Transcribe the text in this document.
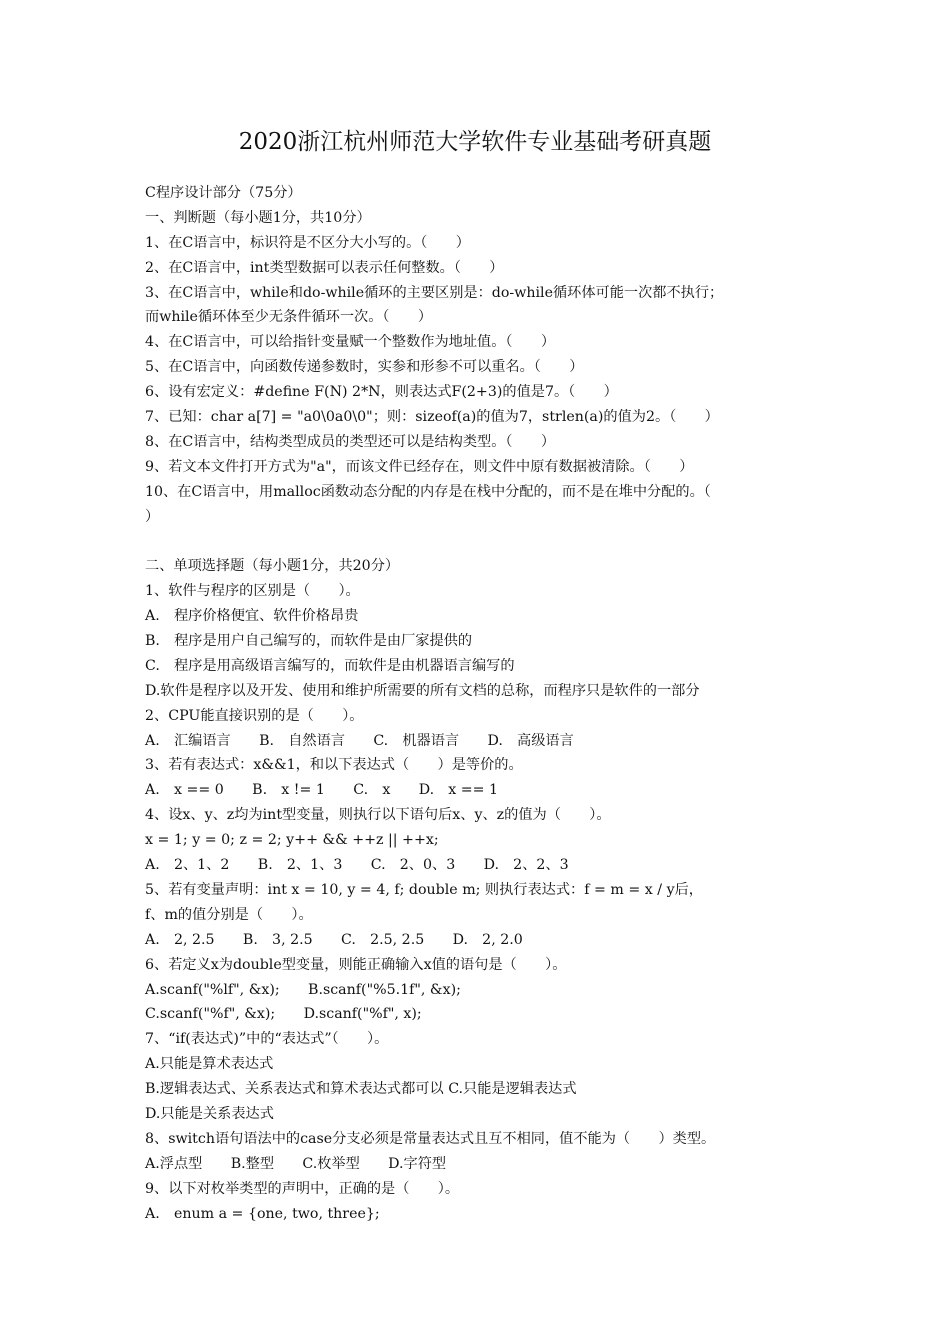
2020浙江杭州师范大学软件专业基础考研真题
C程序设计部分（75分）
一、判断题（每小题1分，共10分）
1、在C语言中，标识符是不区分大小写的。（　　）
2、在C语言中，int类型数据可以表示任何整数。（　　）
3、在C语言中，while和do-while循环的主要区别是：do-while循环体可能一次都不执行；
而while循环体至少无条件循环一次。（　　）
4、在C语言中，可以给指针变量赋一个整数作为地址值。（　　）
5、在C语言中，向函数传递参数时，实参和形参不可以重名。（　　）
6、设有宏定义：#define F(N) 2*N，则表达式F(2+3)的值是7。（　　）
7、已知：char a[7] = "a0\0a0\0"；则：sizeof(a)的值为7，strlen(a)的值为2。（　　）
8、在C语言中，结构类型成员的类型还可以是结构类型。（　　）
9、若文本文件打开方式为"a"，而该文件已经存在，则文件中原有数据被清除。（　　）
10、在C语言中，用malloc函数动态分配的内存是在栈中分配的，而不是在堆中分配的。（
）
二、单项选择题（每小题1分，共20分）
1、软件与程序的区别是（　　）。
A.　程序价格便宜、软件价格昂贵
B.　程序是用户自己编写的，而软件是由厂家提供的
C.　程序是用高级语言编写的，而软件是由机器语言编写的
D.软件是程序以及开发、使用和维护所需要的所有文档的总称，而程序只是软件的一部分
2、CPU能直接识别的是（　　）。
A.　汇编语言　　B.　自然语言　　C.　机器语言　　D.　高级语言
3、若有表达式：x&&1，和以下表达式（　　）是等价的。
A.　x == 0　　B.　x != 1　　C.　x　　D.　x == 1
4、设x、y、z均为int型变量，则执行以下语句后x、y、z的值为（　　）。
x = 1; y = 0; z = 2; y++ && ++z || ++x;
A.　2、1、2　　B.　2、1、3　　C.　2、0、3　　D.　2、2、3
5、若有变量声明：int x = 10, y = 4, f; double m; 则执行表达式：f = m = x / y后，
f、m的值分别是（　　）。
A.　2, 2.5　　B.　3, 2.5　　C.　2.5, 2.5　　D.　2, 2.0
6、若定义x为double型变量，则能正确输入x值的语句是（　　）。
A.scanf("%lf", &x);　　B.scanf("%5.1f", &x);
C.scanf("%f", &x);　　D.scanf("%f", x);
7、“if(表达式)”中的“表达式”（　　）。
A.只能是算术表达式
B.逻辑表达式、关系表达式和算术表达式都可以 C.只能是逻辑表达式
D.只能是关系表达式
8、switch语句语法中的case分支必须是常量表达式且互不相同，值不能为（　　）类型。
A.浮点型　　B.整型　　C.枚举型　　D.字符型
9、以下对枚举类型的声明中，正确的是（　　）。
A.　enum a = {one, two, three};
